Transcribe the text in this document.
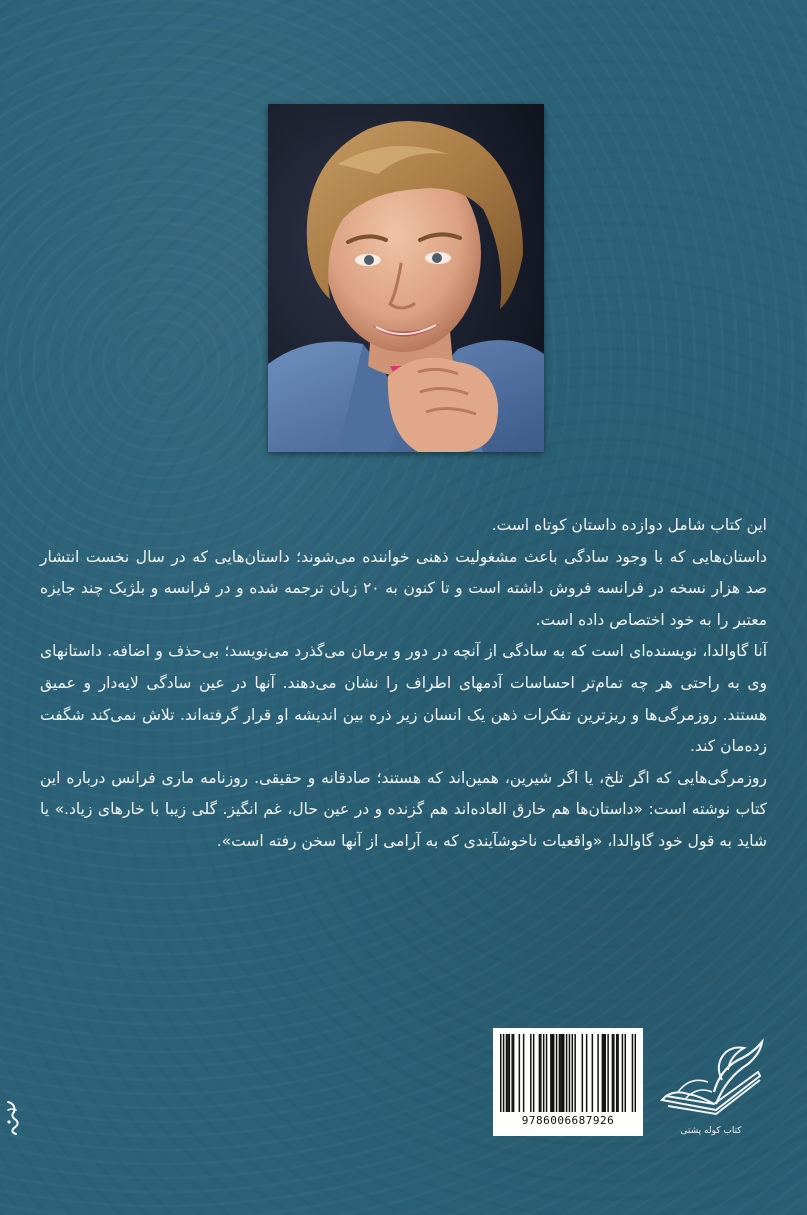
این کتاب شامل دوازده داستان کوتاه است.

داستان‌هایی که با وجود سادگی باعث مشغولیت ذهنی خواننده می‌شوند؛ داستان‌هایی که در سال نخست انتشار صد هزار نسخه در فرانسه فروش داشته است و تا کنون به ۲۰ زبان ترجمه شده و در فرانسه و بلژیک چند جایزه معتبر را به خود اختصاص داده است.

آنا گاوالدا، نویسنده‌ای است که به سادگی از آنچه در دور و برمان می‌گذرد می‌نویسد؛ بی‌حذف و اضافه. داستانهای وی به راحتی هر چه تمام‌تر احساسات آدمهای اطراف را نشان می‌دهند. آنها در عین سادگی لایه‌دار و عمیق هستند. روزمرگی‌ها و ریزترین تفکرات ذهن یک انسان زیر ذره بین اندیشه او قرار گرفته‌اند. تلاش نمی‌کند شگفت زده‌مان کند.

روزمرگی‌هایی که اگر تلخ، یا اگر شیرین، همین‌اند که هستند؛ صادقانه و حقیقی. روزنامه ماری فرانس درباره این کتاب نوشته است: «داستان‌ها هم خارق العاده‌اند هم گزنده و در عین حال، غم انگیز. گلی زیبا با خارهای زیاد.» یا شاید به قول خود گاوالدا، «واقعیات ناخوشآیندی که به آرامی از آنها سخن رفته است».

9786006687926
کتاب کوله پشتی
